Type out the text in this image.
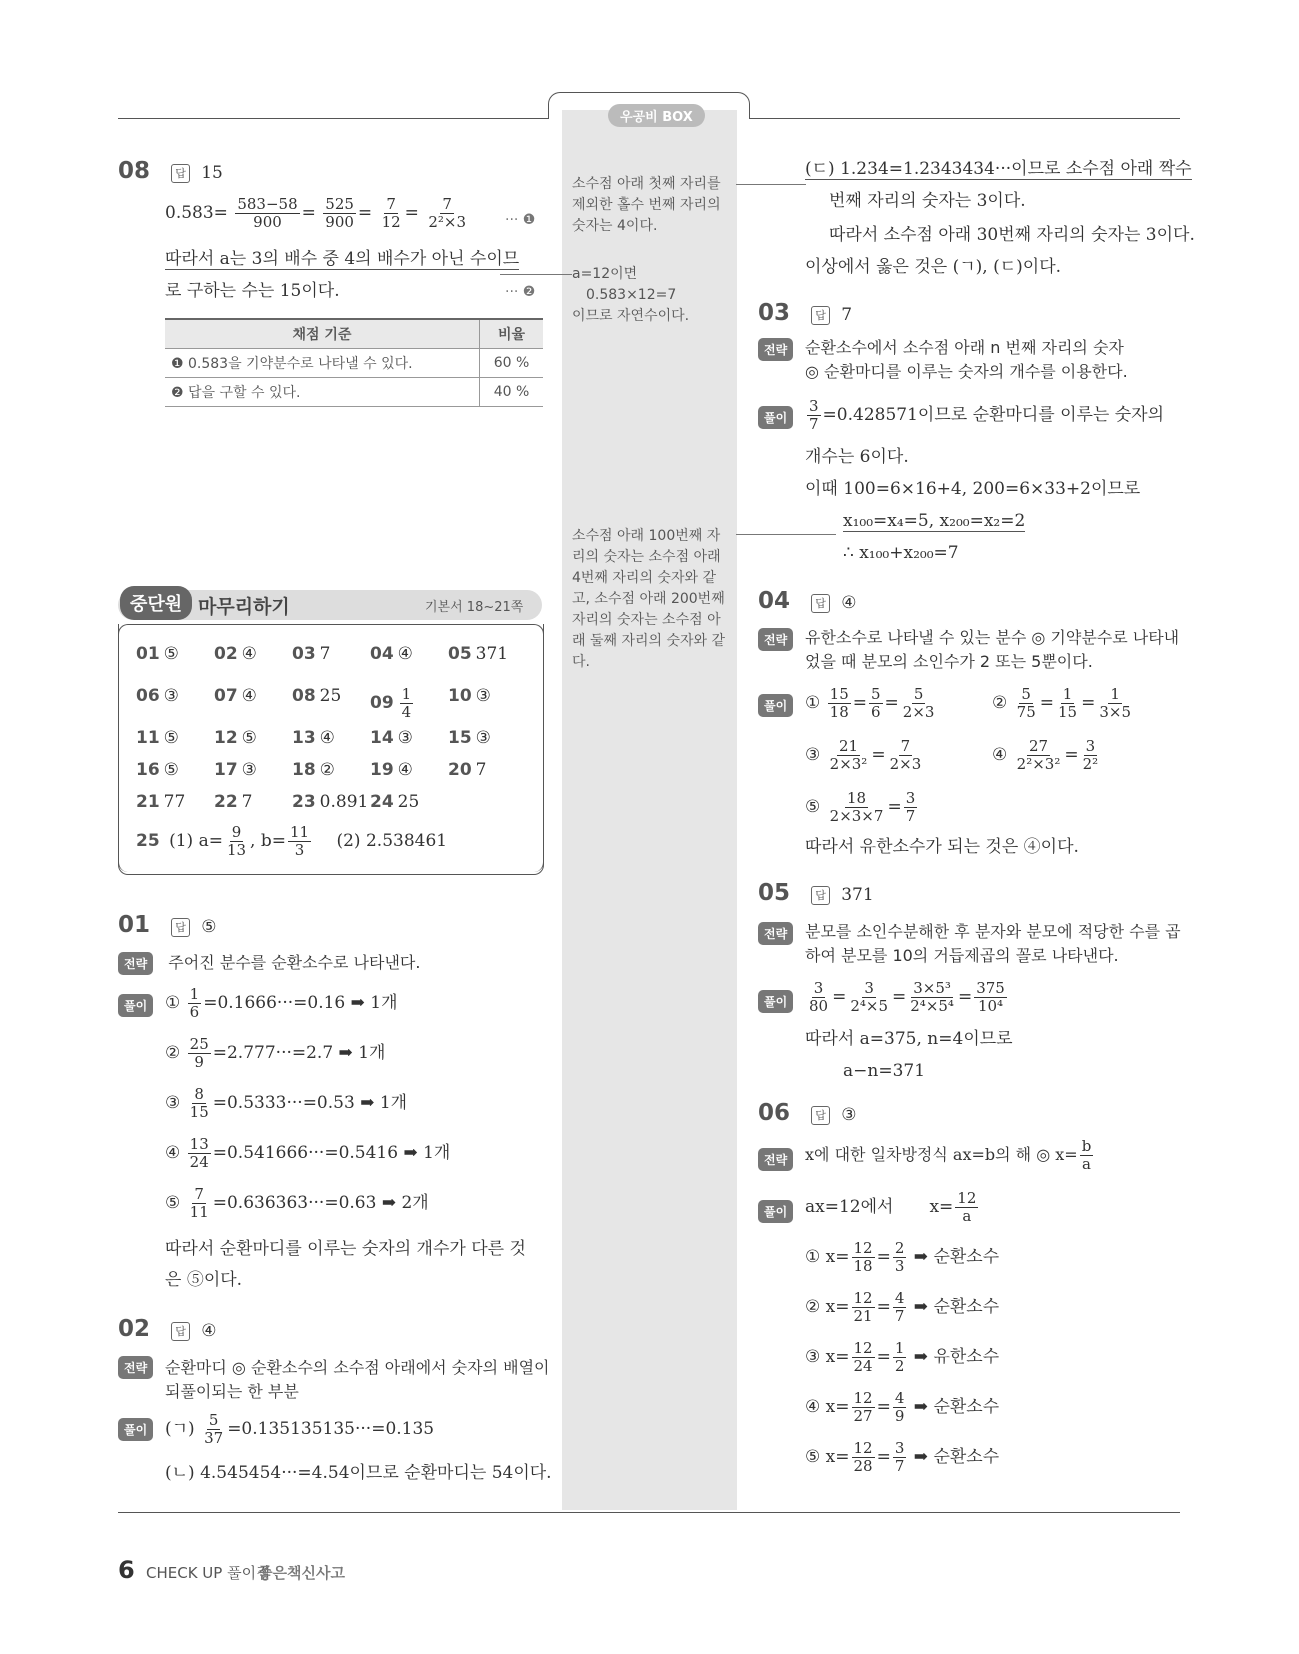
우공비 BOX
소수점 아래 첫째 자리를 제외한 홀수 번째 자리의 숫자는 4이다.
a=12이면
0.583×12=7
이므로 자연수이다.
소수점 아래 100번째 자리의 숫자는 소수점 아래 4번째 자리의 숫자와 같고, 소수점 아래 200번째 자리의 숫자는 소수점 아래 둘째 자리의 숫자와 같다.
08 답 15
$0.583= \frac{583-58}{900} = \frac{525}{900} = \frac{7}{12} = \frac{7}{\text{2²×3}}$	··· ❶
따라서 a는 3의 배수 중 4의 배수가 아닌 수이므
로 구하는 수는 15이다.	··· ❷
채점 기준	비율
❶ 0.583을 기약분수로 나타낼 수 있다.	60 %
❷ 답을 구할 수 있다.	40 %
중단원 마무리하기	기본서 18~21쪽
01 ⑤ 02 ④ 03 7 04 ④ 05 371
06 ③ 07 ④ 08 25 $09 \frac{1}{4} 10$ ③
11 ⑤ 12 ⑤ 13 ④ 14 ③ 15 ③
16 ⑤ 17 ③ 18 ② 19 ④ 20 7
21 77 22 7 23 0.891 24 25
25 (1) $a= \frac{9}{13}$ , $b= \frac{11}{3} (2)$ 2.538461
01 답 ⑤
전략 주어진 분수를 순환소수로 나타낸다.
풀이	① $\frac{1}{6} =0.1666\cdot\cdot\cdot=0.16$ ➡ 1개
② $\frac{25}{9} =2.777\cdot\cdot\cdot=2.7$ ➡ 1개
③ $\frac{8}{15} =0.5333\cdot\cdot\cdot=0.53$ ➡ 1개
④ $\frac{13}{24} =0.541666\cdot\cdot\cdot=0.5416$ ➡ 1개
⑤ $\frac{7}{11} =0.636363\cdot\cdot\cdot=0.63$ ➡ 2개
따라서 순환마디를 이루는 숫자의 개수가 다른 것
은 ⑤이다.
02 답 ④
전략	순환마디 ◎ 순환소수의 소수점 아래에서 숫자의 배열이
되풀이되는 한 부분
풀이	(ㄱ) $\frac{5}{37} =0.135135135\cdot\cdot\cdot=0.135$
(ㄴ) 4.545454···=4.54이므로 순환마디는 54이다.
(ㄷ) 1.234=1.2343434···이므로 소수점 아래 짝수
번째 자리의 숫자는 3이다.
따라서 소수점 아래 30번째 자리의 숫자는 3이다.
이상에서 옳은 것은 (ㄱ), (ㄷ)이다.
03 답 7
전략	순환소수에서 소수점 아래 n 번째 자리의 숫자
◎ 순환마디를 이루는 숫자의 개수를 이용한다.
풀이	$\frac{3}{7} =0.428571$이므로 순환마디를 이루는 숫자의
개수는 6이다.
이때 100=6×16+4, 200=6×33+2이므로
x₁₀₀=x₄=5, x₂₀₀=x₂=2
∴ x₁₀₀+x₂₀₀=7
04 답 ④
전략	유한소수로 나타낼 수 있는 분수 ◎ 기약분수로 나타내
었을 때 분모의 소인수가 2 또는 5뿐이다.
풀이	① $\frac{15}{18} = \frac{5}{6} = \frac{5}{2\times 3}$	② $\frac{5}{75} = \frac{1}{15} = \frac{1}{3\times 5}$
③ $\frac{21}{\text{2×3²}} = \frac{7}{2\times 3}$	④ $\frac{27}{\text{2²×3²}} = \frac{3}{\text{2²}}$
⑤ $\frac{18}{2\times 3\times 7} = \frac{3}{7}$
따라서 유한소수가 되는 것은 ④이다.
05 답 371
전략	분모를 소인수분해한 후 분자와 분모에 적당한 수를 곱
하여 분모를 10의 거듭제곱의 꼴로 나타낸다.
풀이	$\frac{3}{80} = \frac{3}{\text{2⁴×5}} = \frac{\text{3×5³}}{\text{2⁴×5⁴}} = \frac{375}{\text{10⁴}}$
따라서 a=375, n=4이므로
a−n=371
06 답 ③
전략	x에 대한 일차방정식 ax=b의 해 ◎ $x= \frac{b}{a}$
풀이	ax=12에서 $x= \frac{12}{a}$
① $x= \frac{12}{18} = \frac{2}{3}$ ➡ 순환소수
② $x= \frac{12}{21} = \frac{4}{7}$ ➡ 순환소수
③ $x= \frac{12}{24} = \frac{1}{2}$ ➡ 유한소수
④ $x= \frac{12}{27} = \frac{4}{9}$ ➡ 순환소수
⑤ $x= \frac{12}{28} = \frac{3}{7}$ ➡ 순환소수
6 CHECK UP 풀이집
좋은책신사고
